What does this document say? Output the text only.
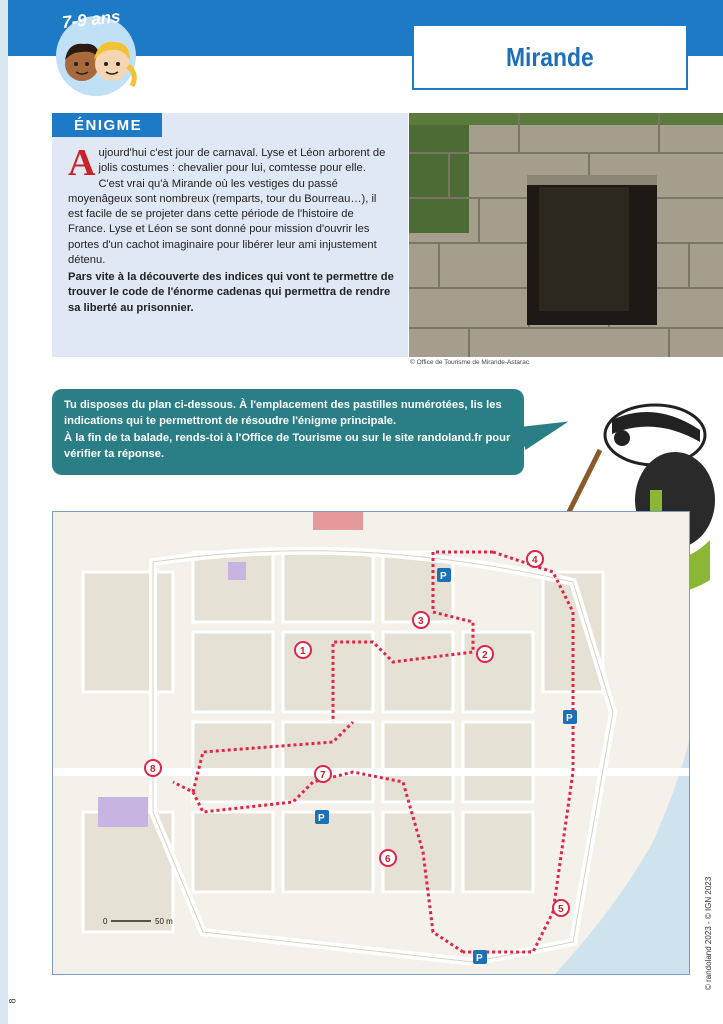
7-9 ans
Mirande
ÉNIGME

Aujourd'hui c'est jour de carnaval. Lyse et Léon arborent de jolis costumes : chevalier pour lui, comtesse pour elle. C'est vrai qu'à Mirande où les vestiges du passé moyenâgeux sont nombreux (remparts, tour du Bourreau…), il est facile de se projeter dans cette période de l'histoire de France. Lyse et Léon se sont donné pour mission d'ouvrir les portes d'un cachot imaginaire pour libérer leur ami injustement détenu.

Pars vite à la découverte des indices qui vont te permettre de trouver le code de l'énorme cadenas qui permettra de rendre sa liberté au prisonnier.

© Office de Tourisme de Mirande-Astarac

Tu disposes du plan ci-dessous. À l'emplacement des pastilles numérotées, lis les indications qui te permettront de résoudre l'énigme principale.

À la fin de ta balade, rends-toi à l'Office de Tourisme ou sur le site randoland.fr pour vérifier ta réponse.

P
P
P
P
1	2
3
4
5
6
7
8
0	50 m	© randoland 2023 - © IGN 2023
8
